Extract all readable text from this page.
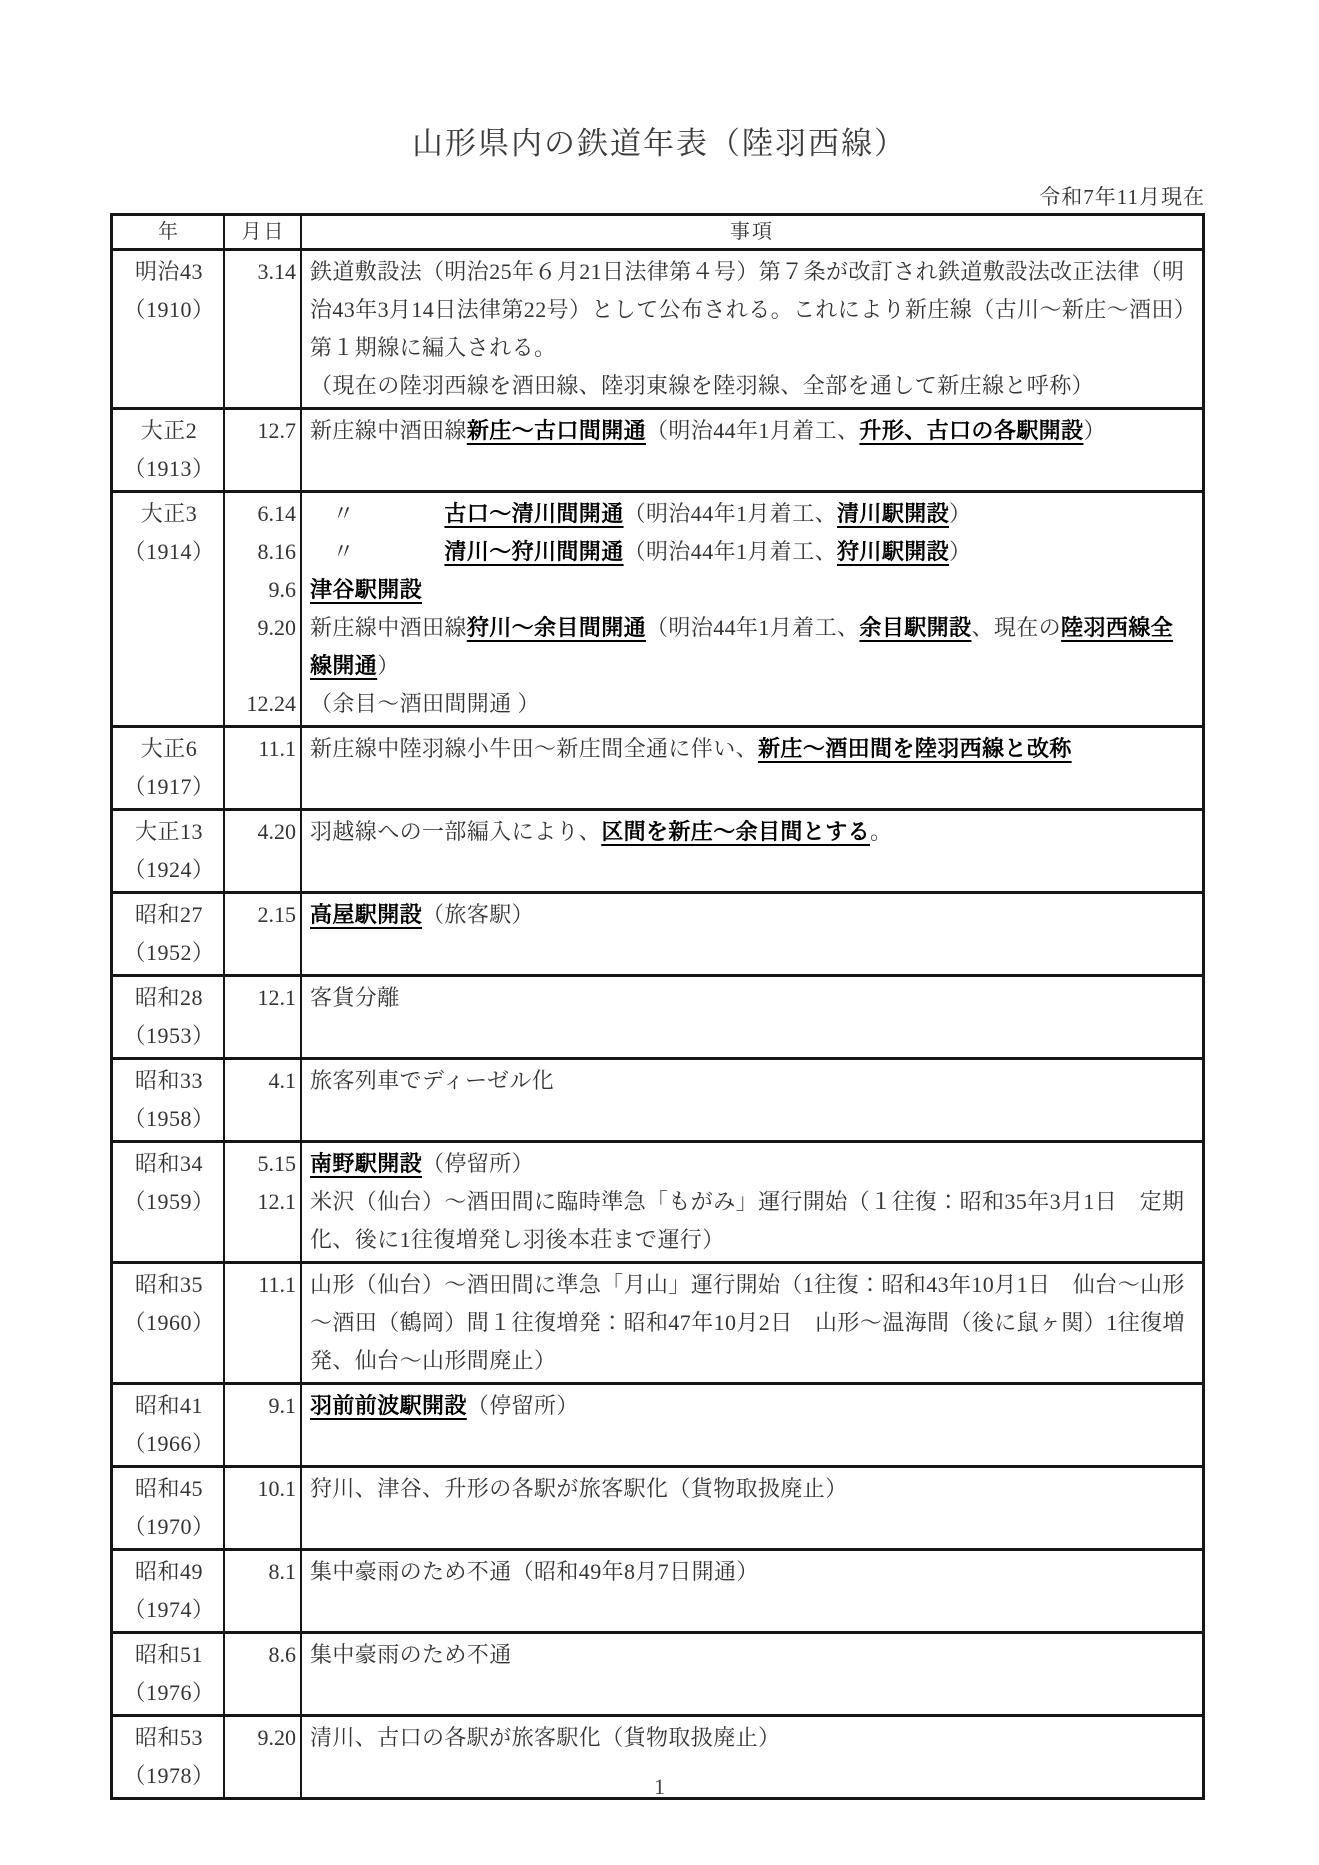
山形県内の鉄道年表（陸羽西線）
令和7年11月現在
年	月日	事項
明治43
（1910）
3.14 鉄道敷設法（明治25年６月21日法律第４号）第７条が改訂され鉄道敷設法改正法律（明治43年3月14日法律第22号）として公布される。これにより新庄線（古川～新庄～酒田）第１期線に編入される。
（現在の陸羽西線を酒田線、陸羽東線を陸羽線、全部を通して新庄線と呼称）
大正2
（1913）
12.7 新庄線中酒田線新庄～古口間開通（明治44年1月着工、升形、古口の各駅開設）
大正3
（1914）
6.14 　〃　　　　古口～清川間開通（明治44年1月着工、清川駅開設）
8.16 　〃　　　　清川～狩川間開通（明治44年1月着工、狩川駅開設）
9.6 津谷駅開設
9.20 新庄線中酒田線狩川～余目間開通（明治44年1月着工、余目駅開設、現在の陸羽西線全線開通）
12.24 （余目～酒田間開通 ）
大正6
（1917）
11.1 新庄線中陸羽線小牛田～新庄間全通に伴い、新庄～酒田間を陸羽西線と改称
大正13
（1924）
4.20 羽越線への一部編入により、区間を新庄～余目間とする。
昭和27
（1952）
2.15 高屋駅開設（旅客駅）
昭和28
（1953）
12.1 客貨分離
昭和33
（1958）
4.1 旅客列車でディーゼル化
昭和34
（1959）
5.15 南野駅開設（停留所）
12.1 米沢（仙台）～酒田間に臨時準急「もがみ」運行開始（１往復：昭和35年3月1日　定期化、後に1往復増発し羽後本荘まで運行）
昭和35
（1960）
11.1 山形（仙台）～酒田間に準急「月山」運行開始（1往復：昭和43年10月1日　仙台～山形～酒田（鶴岡）間１往復増発：昭和47年10月2日　山形～温海間（後に鼠ヶ関）1往復増発、仙台～山形間廃止）
昭和41
（1966）
9.1 羽前前波駅開設（停留所）
昭和45
（1970）
10.1 狩川、津谷、升形の各駅が旅客駅化（貨物取扱廃止）
昭和49
（1974）
8.1 集中豪雨のため不通（昭和49年8月7日開通）
昭和51
（1976）
8.6 集中豪雨のため不通
昭和53
（1978）
9.20 清川、古口の各駅が旅客駅化（貨物取扱廃止）
1
